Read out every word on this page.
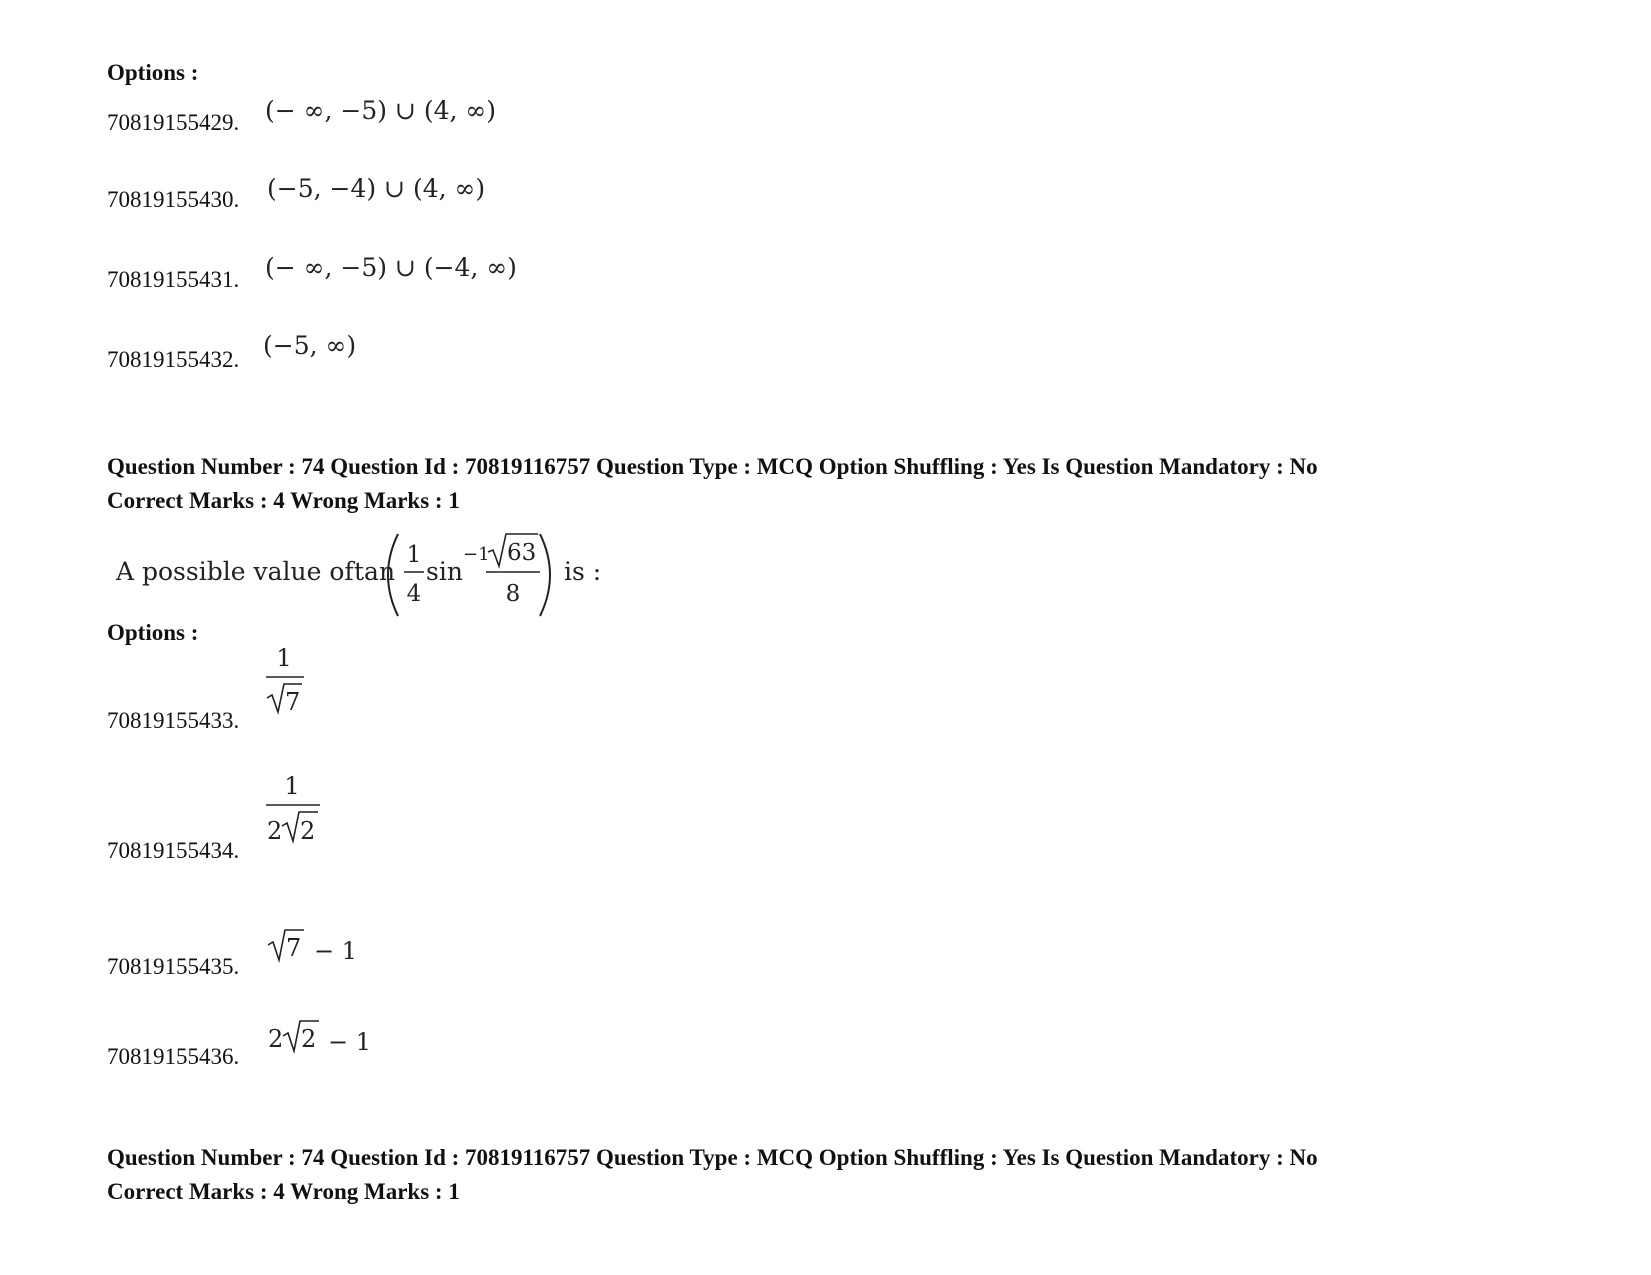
Options :
70819155429. (− ∞, −5) ∪ (4, ∞)
70819155430. (−5, −4) ∪ (4, ∞)
70819155431. (− ∞, −5) ∪ (−4, ∞)
70819155432. (−5, ∞)
Question Number : 74 Question Id : 70819116757 Question Type : MCQ Option Shuffling : Yes Is Question Mandatory : No
Correct Marks : 4 Wrong Marks : 1
A possible value of tan
1
4
sin
−1 63
8
is :
Options :
70819155433.
1
7
70819155434.
1
2 2
70819155435.
7 − 1
70819155436.
2 2 − 1
Question Number : 74 Question Id : 70819116757 Question Type : MCQ Option Shuffling : Yes Is Question Mandatory : No
Correct Marks : 4 Wrong Marks : 1
